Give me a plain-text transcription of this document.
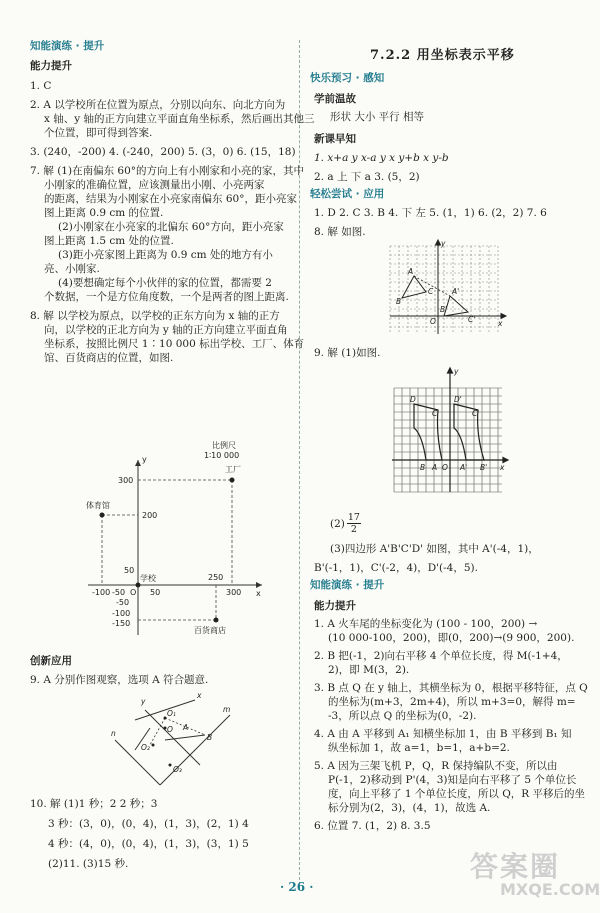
知能演练 · 提升
能力提升
1. C
2. A 以学校所在位置为原点，分别以向东、向北方向为
x 轴、y 轴的正方向建立平面直角坐标系，然后画出其他三
个位置，即可得到答案.
3. (240，-200) 4. (-240，200) 5. (3，0) 6. (15，18)
7. 解 (1)在南偏东 60°的方向上有小刚家和小亮的家，其中
小刚家的准确位置，应该测量出小刚、小亮两家
的距离，结果为小刚家在小亮家南偏东 60°，距小亮家
图上距离 0.9 cm 的位置.
(2)小刚家在小亮家的北偏东 60°方向，距小亮家
图上距离 1.5 cm 处的位置.
(3)距小亮家图上距离为 0.9 cm 处的地方有小
亮、小刚家.
(4)要想确定每个小伙伴的家的位置，都需要 2
个数据，一个是方位角度数，一个是两者的图上距离.
8. 解 以学校为原点，以学校的正东方向为 x 轴的正方
向，以学校的正北方向为 y 轴的正方向建立平面直角
坐标系，按照比例尺 1∶10 000 标出学校、工厂、体育
馆、百货商店的位置，如图.
比例尺
1∶10 000
工厂
体育馆
学校
百货商店
x
y
-100 -50 O 50
250
300
300
200
50
-50
-100
-150
创新应用
9. A 分别作图观察，选项 A 符合题意.
y
x
m
n
O₁
O A
B
O₂
O₃
10. 解 (1)1 秒；2 2 秒；3
3 秒：(3，0)，(0，4)，(1，3)，(2，1) 4
4 秒：(4，0)，(0，4)，(1，3)，(3，1) 5
(2)11. (3)15 秒.
7.2.2 用坐标表示平移
快乐预习 · 感知
学前温故
形状 大小 平行 相等
新课早知
1. x+a y x-a y x y+b x y-b
2. a 上 下 a 3. (5，2)
轻松尝试 · 应用
1. D 2. C 3. B 4. 下 左 5. (1，1) 6. (2，2) 7. 6
8. 解 如图.
y
x
A
C
B
A'
O
B'
C'
9. 解 (1)如图.
y
x
D
C
B O
A
D'
C'
A' B'
$(2) \frac{17}{2}$
(3)四边形 A'B'C'D' 如图，其中 A'(-4，1)，
B'(-1，1)，C'(-2，4)，D'(-4，5).
知能演练 · 提升
能力提升
1. A 火车尾的坐标变化为 (100 - 100，200) →
(10 000-100，200)，即(0，200)→(9 900，200).
2. B 把(-1，2)向右平移 4 个单位长度，得 M(-1+4，
2)，即 M(3，2).
3. B 点 Q 在 y 轴上，其横坐标为 0，根据平移特征，点 Q
的坐标为(m+3，2m+4)，所以 m+3=0，解得 m=
-3，所以点 Q 的坐标为(0，-2).
4. A 由 A 平移到 A₁ 知横坐标加 1，由 B 平移到 B₁ 知
纵坐标加 1，故 a=1，b=1，a+b=2.
5. A 因为三架飞机 P，Q，R 保持编队不变，所以由
P(-1，2)移动到 P'(4，3)知是向右平移了 5 个单位长
度，向上平移了 1 个单位长度，所以 Q，R 平移后的坐
标分别为(2，3)，(4，1)，故选 A.
6. 位置 7. (1，2) 8. 3.5
答案圈
MXQE.COM
· 26 ·
